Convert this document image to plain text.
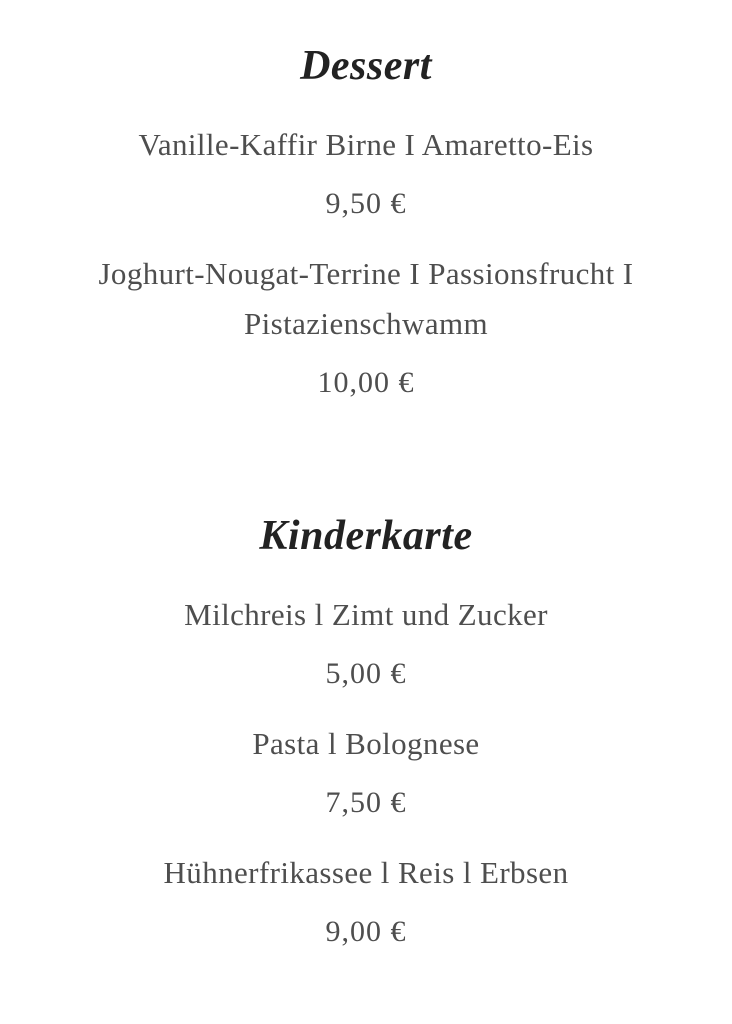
Dessert

Vanille-Kaffir Birne I Amaretto-Eis

9,50 €

Joghurt-Nougat-Terrine I Passionsfrucht I Pistazienschwamm

10,00 €

Kinderkarte

Milchreis l Zimt und Zucker

5,00 €

Pasta l Bolognese

7,50 €

Hühnerfrikassee l Reis l Erbsen

9,00 €
